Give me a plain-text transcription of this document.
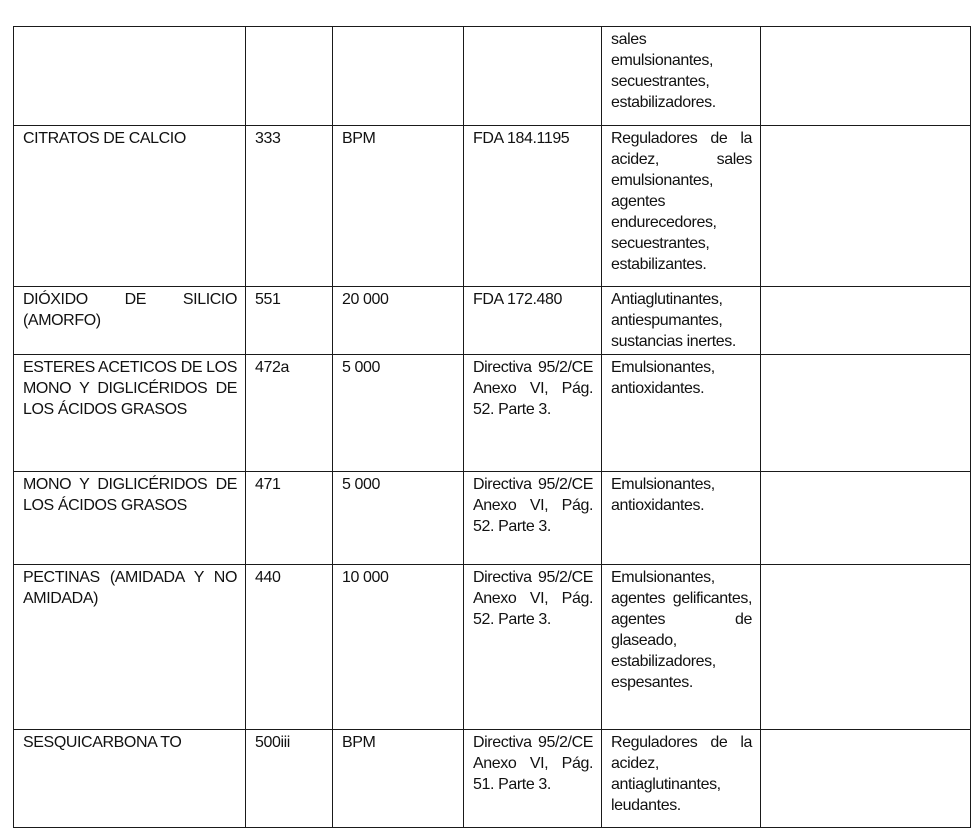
				sales emulsionantes, secuestrantes, estabilizadores.	
CITRATOS DE CALCIO	333	BPM	FDA 184.1195	Reguladores de la acidez, sales emulsionantes, agentes endurecedores, secuestrantes, estabilizantes.	
DIÓXIDO DE SILICIO (AMORFO)	551	20 000	FDA 172.480	Antiaglutinantes, antiespumantes, sustancias inertes.	
ESTERES ACETICOS DE LOS MONO Y DIGLICÉRIDOS DE LOS ÁCIDOS GRASOS	472a	5 000	Directiva 95/2/CE Anexo VI, Pág. 52. Parte 3.	Emulsionantes, antioxidantes.	
MONO Y DIGLICÉRIDOS DE LOS ÁCIDOS GRASOS	471	5 000	Directiva 95/2/CE Anexo VI, Pág. 52. Parte 3.	Emulsionantes, antioxidantes.	
PECTINAS (AMIDADA Y NO AMIDADA)	440	10 000	Directiva 95/2/CE Anexo VI, Pág. 52. Parte 3.	Emulsionantes, agentes gelificantes, agentes de glaseado, estabilizadores, espesantes.	
SESQUICARBONA TO	500iii	BPM	Directiva 95/2/CE Anexo VI, Pág. 51. Parte 3.	Reguladores de la acidez, antiaglutinantes, leudantes.	
